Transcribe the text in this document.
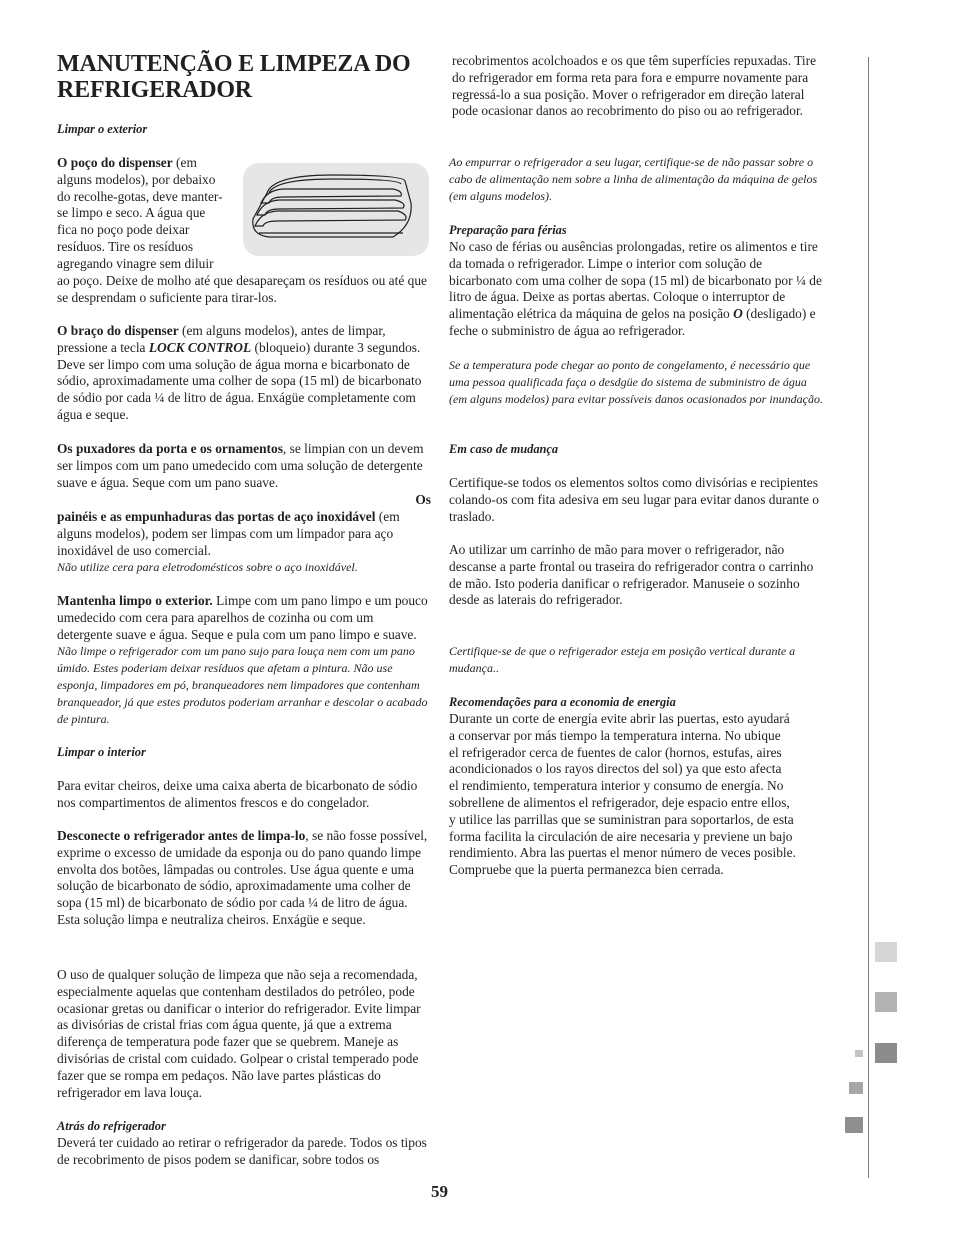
MANUTENÇÃO E LIMPEZA DO REFRIGERADOR

Limpar o exterior

O poço do dispenser (em
alguns modelos), por debaixo
do recolhe-gotas, deve manter-
se limpo e seco. A água que
fica no poço pode deixar
resíduos. Tire os resíduos
agregando vinagre sem diluir

ao poço. Deixe de molho até que desapareçam os resíduos ou até que se desprendam o suficiente para tirar-los.

O braço do dispenser (em alguns modelos), antes de limpar, pressione a tecla LOCK CONTROL (bloqueio) durante 3 segundos. Deve ser limpo com uma solução de água morna e bicarbonato de sódio, aproximadamente uma colher de sopa (15 ml) de bicarbonato de sódio por cada ¼ de litro de água. Enxágüe completamente com água e seque.

Os puxadores da porta e os ornamentos, se limpian con un devem ser limpos com um pano umedecido com uma solução de detergente suave e água. Seque com um pano suave.

Os

painéis e as empunhaduras das portas de aço inoxidável (em alguns modelos), podem ser limpas com um limpador para aço inoxidável de uso comercial.

Não utilize cera para eletrodomésticos sobre o aço inoxidável.

Mantenha limpo o exterior. Limpe com um pano limpo e um pouco umedecido com cera para aparelhos de cozinha ou com um detergente suave e água. Seque e pula com um pano limpo e suave.

Não limpe o refrigerador com um pano sujo para louça nem com um pano úmido. Estes poderiam deixar resíduos que afetam a pintura. Não use esponja, limpadores em pó, branqueadores nem limpadores que contenham branqueador, já que estes produtos poderiam arranhar e descolar o acabado de pintura.

Limpar o interior

Para evitar cheiros, deixe uma caixa aberta de bicarbonato de sódio nos compartimentos de alimentos frescos e do congelador.

Desconecte o refrigerador antes de limpa-lo, se não fosse possível, exprime o excesso de umidade da esponja ou do pano quando limpe envolta dos botões, lâmpadas ou controles. Use água quente e uma solução de bicarbonato de sódio, aproximadamente uma colher de sopa (15 ml) de bicarbonato de sódio por cada ¼ de litro de água. Esta solução limpa e neutraliza cheiros. Enxágüe e seque.

O uso de qualquer solução de limpeza que não seja a recomendada, especialmente aquelas que contenham destilados do petróleo, pode ocasionar gretas ou danificar o interior do refrigerador. Evite limpar as divisórias de cristal frias com água quente, já que a extrema diferença de temperatura pode fazer que se quebrem. Maneje as divisórias de cristal com cuidado. Golpear o cristal temperado pode fazer que se rompa em pedaços. Não lave partes plásticas do refrigerador em lava louça.

Atrás do refrigerador

Deverá ter cuidado ao retirar o refrigerador da parede. Todos os tipos de recobrimento de pisos podem se danificar, sobre todos os

recobrimentos acolchoados e os que têm superfícies repuxadas. Tire do refrigerador em forma reta para fora e empurre novamente para regressá-lo a sua posição. Mover o refrigerador em direção lateral pode ocasionar danos ao recobrimento do piso ou ao refrigerador.

Ao empurrar o refrigerador a seu lugar, certifique-se de não passar sobre o cabo de alimentação nem sobre a linha de alimentação da máquina de gelos (em alguns modelos).

Preparação para férias

No caso de férias ou ausências prolongadas, retire os alimentos e tire da tomada o refrigerador. Limpe o interior com solução de bicarbonato com uma colher de sopa (15 ml) de bicarbonato por ¼ de litro de água. Deixe as portas abertas. Coloque o interruptor de alimentação elétrica da máquina de gelos na posição O (desligado) e feche o subministro de água ao refrigerador.

Se a temperatura pode chegar ao ponto de congelamento, é necessário que uma pessoa qualificada faça o desdgüe do sistema de subministro de água (em alguns modelos) para evitar possíveis danos ocasionados por inundação.

Em caso de mudança

Certifique-se todos os elementos soltos como divisórias e recipientes colando-os com fita adesiva em seu lugar para evitar danos durante o traslado.

Ao utilizar um carrinho de mão para mover o refrigerador, não descanse a parte frontal ou traseira do refrigerador contra o carrinho de mão. Isto poderia danificar o refrigerador. Manuseie o sozinho desde as laterais do refrigerador.

Certifique-se de que o refrigerador esteja em posição vertical durante a mudança..

Recomendações para a economia de energia

Durante un corte de energía evite abrir las puertas, esto ayudará
a conservar por más tiempo la temperatura interna. No ubique
el refrigerador cerca de fuentes de calor (hornos, estufas, aires
acondicionados o los rayos directos del sol) ya que esto afecta
el rendimiento, temperatura interior y consumo de energía. No
sobrellene de alimentos el refrigerador, deje espacio entre ellos,
y utilice las parrillas que se suministran para soportarlos, de esta
forma facilita la circulación de aire necesaria y previene un bajo
rendimiento. Abra las puertas el menor número de veces posible.
Compruebe que la puerta permanezca bien cerrada.
59
